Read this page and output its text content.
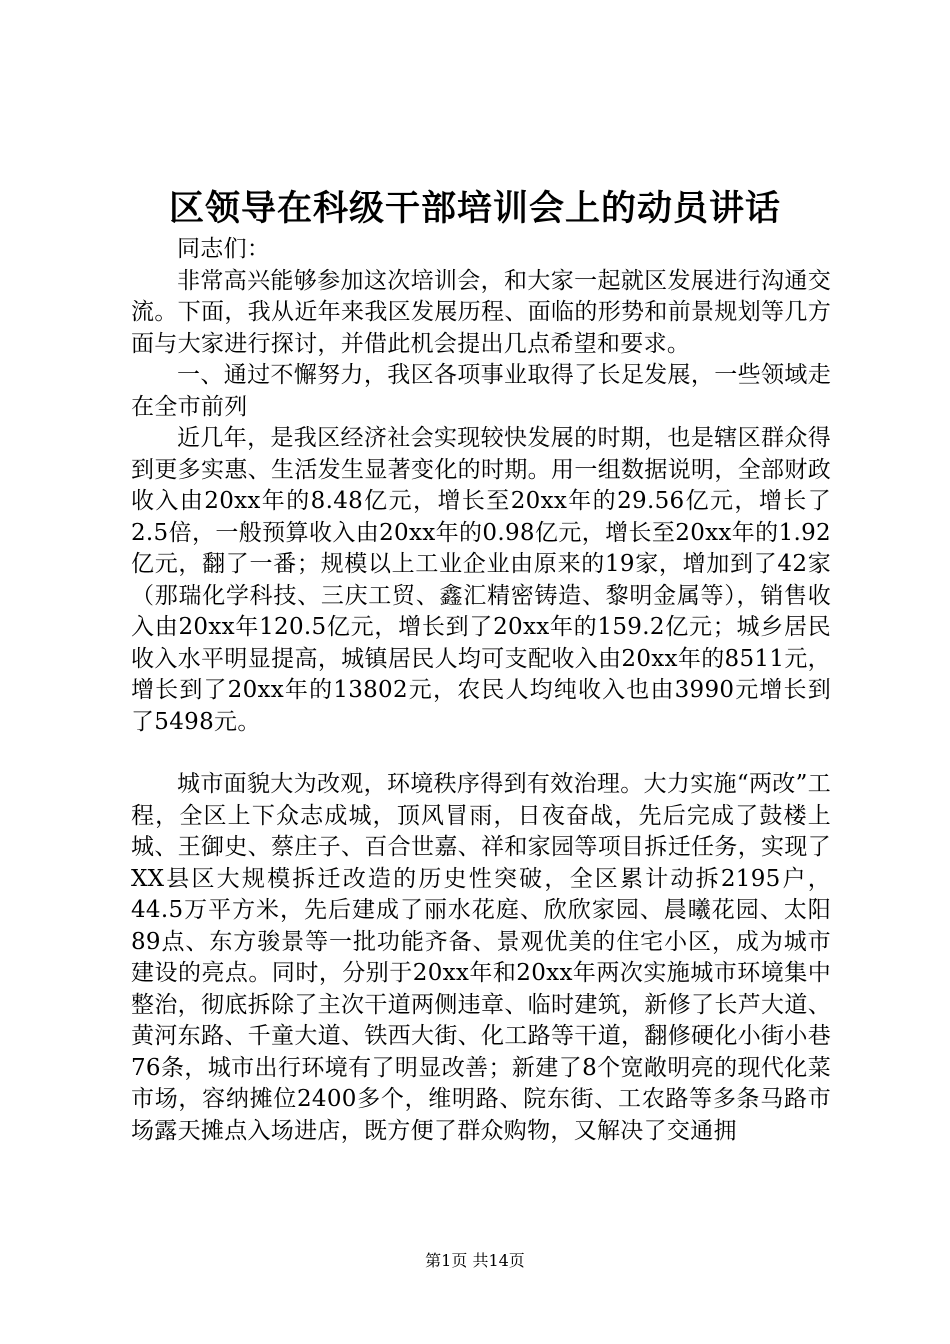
区领导在科级干部培训会上的动员讲话

同志们：

非常高兴能够参加这次培训会，和大家一起就区发展进行沟通交流。下面，我从近年来我区发展历程、面临的形势和前景规划等几方面与大家进行探讨，并借此机会提出几点希望和要求。

一、通过不懈努力，我区各项事业取得了长足发展，一些领域走在全市前列

近几年，是我区经济社会实现较快发展的时期，也是辖区群众得到更多实惠、生活发生显著变化的时期。用一组数据说明，全部财政收入由20xx年的8.48亿元，增长至20xx年的29.56亿元，增长了2.5倍，一般预算收入由20xx年的0.98亿元，增长至20xx年的1.92亿元，翻了一番；规模以上工业企业由原来的19家，增加到了42家（那瑞化学科技、三庆工贸、鑫汇精密铸造、黎明金属等），销售收入由20xx年120.5亿元，增长到了20xx年的159.2亿元；城乡居民收入水平明显提高，城镇居民人均可支配收入由20xx年的8511元，增长到了20xx年的13802元，农民人均纯收入也由3990元增长到了5498元。

城市面貌大为改观，环境秩序得到有效治理。大力实施“两改”工程，全区上下众志成城，顶风冒雨，日夜奋战，先后完成了鼓楼上城、王御史、蔡庄子、百合世嘉、祥和家园等项目拆迁任务，实现了XX县区大规模拆迁改造的历史性突破，全区累计动拆2195户，44.5万平方米，先后建成了丽水花庭、欣欣家园、晨曦花园、太阳89点、东方骏景等一批功能齐备、景观优美的住宅小区，成为城市建设的亮点。同时，分别于20xx年和20xx年两次实施城市环境集中整治，彻底拆除了主次干道两侧违章、临时建筑，新修了长芦大道、黄河东路、千童大道、铁西大街、化工路等干道，翻修硬化小街小巷76条，城市出行环境有了明显改善；新建了8个宽敞明亮的现代化菜市场，容纳摊位2400多个，维明路、院东街、工农路等多条马路市场露天摊点入场进店，既方便了群众购物，又解决了交通拥

第1页 共14页
